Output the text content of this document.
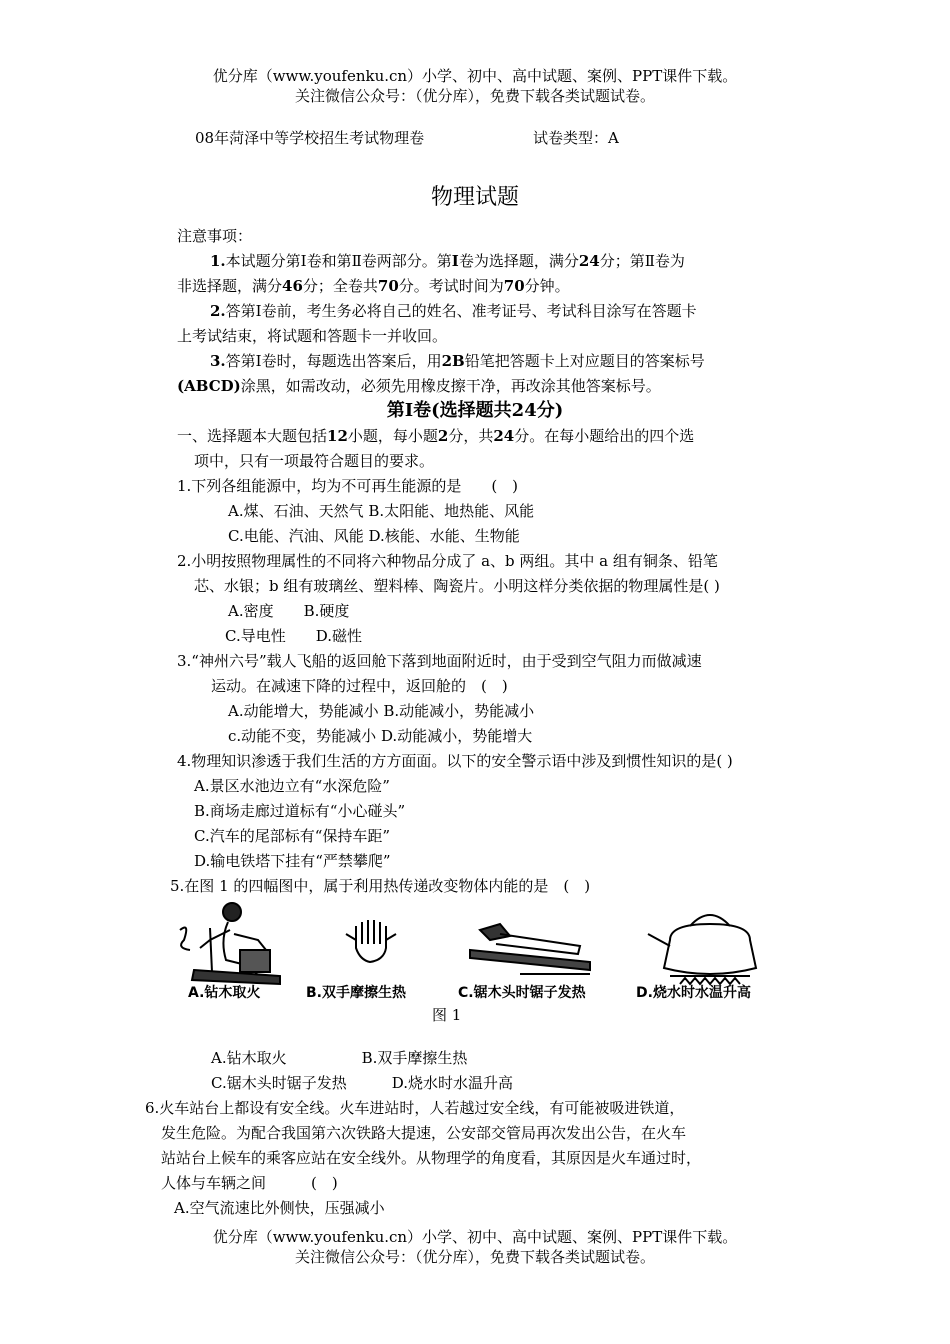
优分库（www.youfenku.cn）小学、初中、高中试题、案例、PPT课件下载。
关注微信公众号：（优分库），免费下载各类试题试卷。
08年菏泽中等学校招生考试物理卷	试卷类型：A
物理试题
注意事项：
1.本试题分第Ⅰ卷和第Ⅱ卷两部分。第I卷为选择题，满分24分；第Ⅱ卷为
非选择题，满分46分；全卷共70分。考试时间为70分钟。
2.答第Ⅰ卷前，考生务必将自己的姓名、准考证号、考试科目涂写在答题卡
上考试结束，将试题和答题卡一并收回。
3.答第Ⅰ卷时，每题选出答案后，用2B铅笔把答题卡上对应题目的答案标号
(ABCD)涂黑，如需改动，必须先用橡皮擦干净，再改涂其他答案标号。
第I卷(选择题共24分)
一、选择题本大题包括12小题，每小题2分，共24分。在每小题给出的四个选
项中，只有一项最符合题目的要求。
1.下列各组能源中，均为不可再生能源的是　　(　)
A.煤、石油、天然气 B.太阳能、地热能、风能
C.电能、汽油、风能 D.核能、水能、生物能
2.小明按照物理属性的不同将六种物品分成了 a、b 两组。其中 a 组有铜条、铅笔
芯、水银；b 组有玻璃丝、塑料棒、陶瓷片。小明这样分类依据的物理属性是( )
A.密度　　B.硬度
C.导电性　　D.磁性
3.“神州六号”载人飞船的返回舱下落到地面附近时，由于受到空气阻力而做减速
运动。在减速下降的过程中，返回舱的　(　)
A.动能增大，势能减小 B.动能减小，势能减小
c.动能不变，势能减小 D.动能减小，势能增大
4.物理知识渗透于我们生活的方方面面。以下的安全警示语中涉及到惯性知识的是( )
A.景区水池边立有“水深危险”
B.商场走廊过道标有“小心碰头”
C.汽车的尾部标有“保持车距”
D.输电铁塔下挂有“严禁攀爬”
5.在图 1 的四幅图中，属于利用热传递改变物体内能的是　(　)
A.钻木取火	B.双手摩擦生热	C.锯木头时锯子发热	D.烧水时水温升高
图 1
A.钻木取火　　　　　B.双手摩擦生热
C.锯木头时锯子发热　　　D.烧水时水温升高
6.火车站台上都设有安全线。火车进站时，人若越过安全线，有可能被吸进铁道，
发生危险。为配合我国第六次铁路大提速，公安部交管局再次发出公告，在火车
站站台上候车的乘客应站在安全线外。从物理学的角度看，其原因是火车通过时，
人体与车辆之间　　　(　)
A.空气流速比外侧快，压强减小
优分库（www.youfenku.cn）小学、初中、高中试题、案例、PPT课件下载。
关注微信公众号：（优分库），免费下载各类试题试卷。
